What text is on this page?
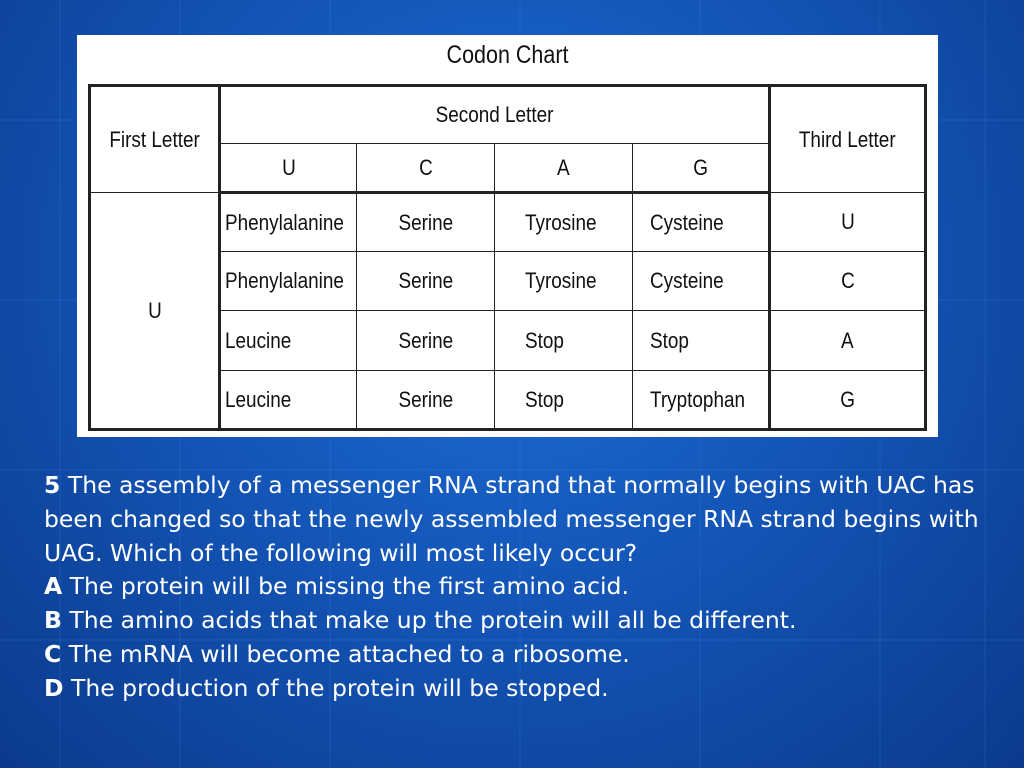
Codon Chart
First Letter	Second Letter				Third Letter
	U	C	A	G	
U	Phenylalanine	Serine	Tyrosine	Cysteine	U
	Phenylalanine	Serine	Tyrosine	Cysteine	C
	Leucine	Serine	Stop	Stop	A
	Leucine	Serine	Stop	Tryptophan	G

5 The assembly of a messenger RNA strand that normally begins with UAC has been changed so that the newly assembled messenger RNA strand begins with UAG. Which of the following will most likely occur?

A The protein will be missing the first amino acid.

B The amino acids that make up the protein will all be different.

C The mRNA will become attached to a ribosome.

D The production of the protein will be stopped.
